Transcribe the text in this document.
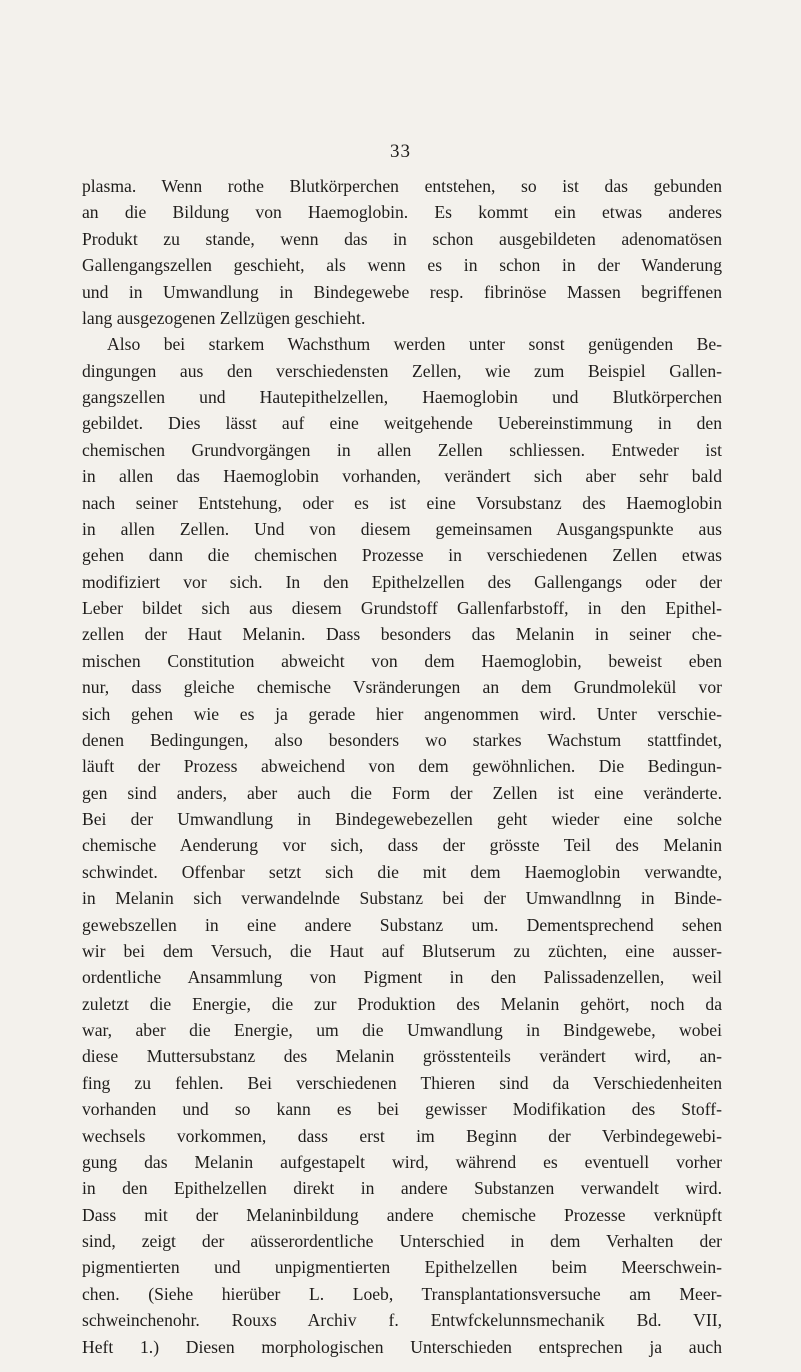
33
plasma. Wenn rothe Blutkörperchen entstehen, so ist das gebunden
an die Bildung von Haemoglobin. Es kommt ein etwas anderes
Produkt zu stande, wenn das in schon ausgebildeten adenomatösen
Gallengangszellen geschieht, als wenn es in schon in der Wanderung
und in Umwandlung in Bindegewebe resp. fibrinöse Massen begriffenen
lang ausgezogenen Zellzügen geschieht.
Also bei starkem Wachsthum werden unter sonst genügenden Be-
dingungen aus den verschiedensten Zellen, wie zum Beispiel Gallen-
gangszellen und Hautepithelzellen, Haemoglobin und Blutkörperchen
gebildet. Dies lässt auf eine weitgehende Uebereinstimmung in den
chemischen Grundvorgängen in allen Zellen schliessen. Entweder ist
in allen das Haemoglobin vorhanden, verändert sich aber sehr bald
nach seiner Entstehung, oder es ist eine Vorsubstanz des Haemoglobin
in allen Zellen. Und von diesem gemeinsamen Ausgangspunkte aus
gehen dann die chemischen Prozesse in verschiedenen Zellen etwas
modifiziert vor sich. In den Epithelzellen des Gallengangs oder der
Leber bildet sich aus diesem Grundstoff Gallenfarbstoff, in den Epithel-
zellen der Haut Melanin. Dass besonders das Melanin in seiner che-
mischen Constitution abweicht von dem Haemoglobin, beweist eben
nur, dass gleiche chemische Vsränderungen an dem Grundmolekül vor
sich gehen wie es ja gerade hier angenommen wird. Unter verschie-
denen Bedingungen, also besonders wo starkes Wachstum stattfindet,
läuft der Prozess abweichend von dem gewöhnlichen. Die Bedingun-
gen sind anders, aber auch die Form der Zellen ist eine veränderte.
Bei der Umwandlung in Bindegewebezellen geht wieder eine solche
chemische Aenderung vor sich, dass der grösste Teil des Melanin
schwindet. Offenbar setzt sich die mit dem Haemoglobin verwandte,
in Melanin sich verwandelnde Substanz bei der Umwandlnng in Binde-
gewebszellen in eine andere Substanz um. Dementsprechend sehen
wir bei dem Versuch, die Haut auf Blutserum zu züchten, eine ausser-
ordentliche Ansammlung von Pigment in den Palissadenzellen, weil
zuletzt die Energie, die zur Produktion des Melanin gehört, noch da
war, aber die Energie, um die Umwandlung in Bindgewebe, wobei
diese Muttersubstanz des Melanin grösstenteils verändert wird, an-
fing zu fehlen. Bei verschiedenen Thieren sind da Verschiedenheiten
vorhanden und so kann es bei gewisser Modifikation des Stoff-
wechsels vorkommen, dass erst im Beginn der Verbindegewebi-
gung das Melanin aufgestapelt wird, während es eventuell vorher
in den Epithelzellen direkt in andere Substanzen verwandelt wird.
Dass mit der Melaninbildung andere chemische Prozesse verknüpft
sind, zeigt der aüsserordentliche Unterschied in dem Verhalten der
pigmentierten und unpigmentierten Epithelzellen beim Meerschwein-
chen. (Siehe hierüber L. Loeb, Transplantationsversuche am Meer-
schweinchenohr. Rouxs Archiv f. Entwfckelunnsmechanik Bd. VII,
Heft 1.) Diesen morphologischen Unterschieden entsprechen ja auch
